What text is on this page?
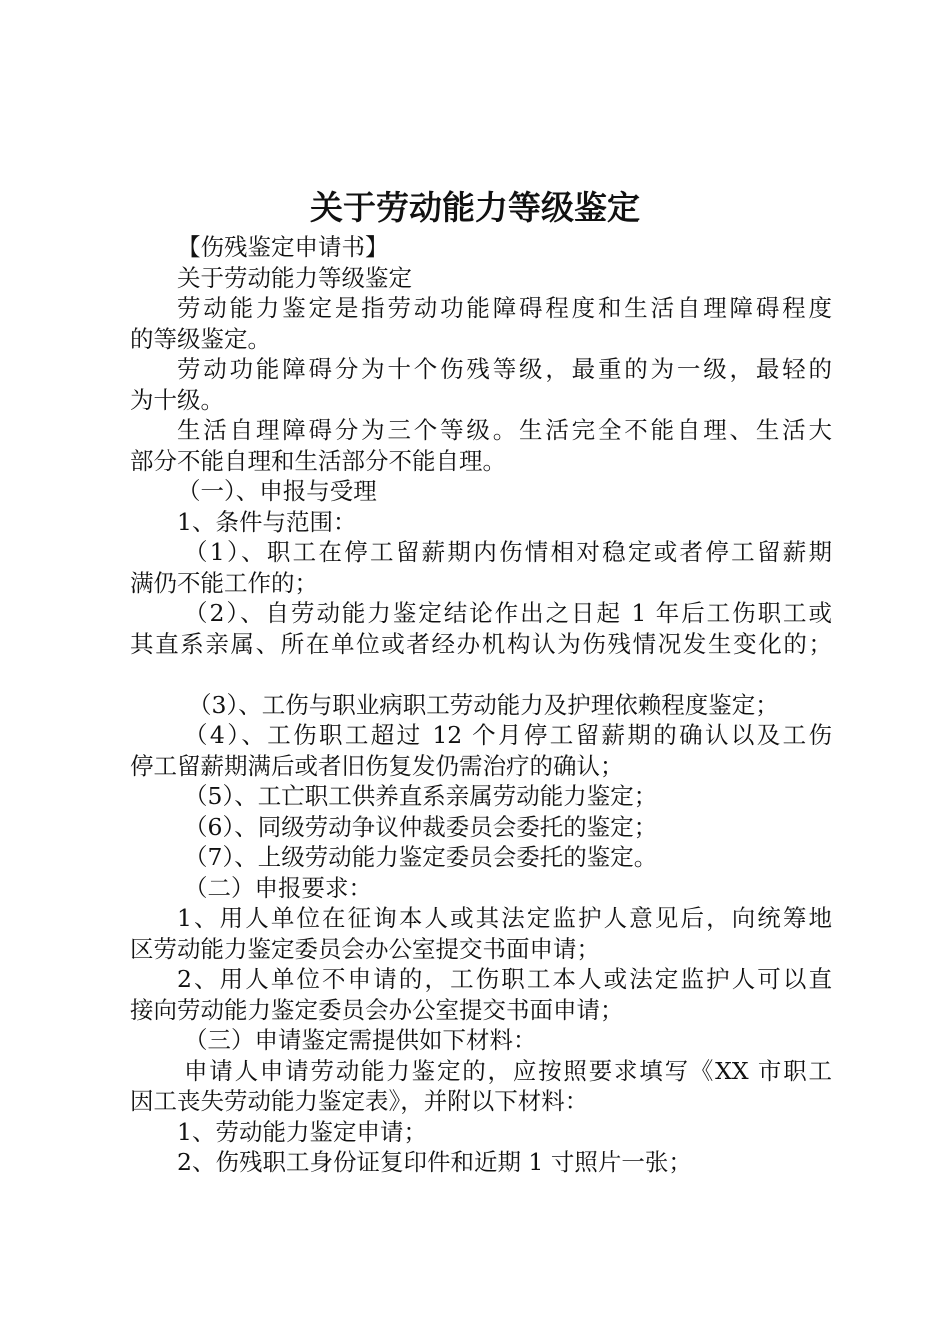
关于劳动能力等级鉴定

【伤残鉴定申请书】

关于劳动能力等级鉴定

劳动能力鉴定是指劳动功能障碍程度和生活自理障碍程度

的等级鉴定。

劳动功能障碍分为十个伤残等级，最重的为一级，最轻的

为十级。

生活自理障碍分为三个等级。生活完全不能自理、生活大

部分不能自理和生活部分不能自理。

（一）、申报与受理

1、条件与范围：

（1）、职工在停工留薪期内伤情相对稳定或者停工留薪期

满仍不能工作的；

（2）、自劳动能力鉴定结论作出之日起 1 年后工伤职工或

其直系亲属、所在单位或者经办机构认为伤残情况发生变化的；

（3）、工伤与职业病职工劳动能力及护理依赖程度鉴定；

（4）、工伤职工超过 12 个月停工留薪期的确认以及工伤

停工留薪期满后或者旧伤复发仍需治疗的确认；

（5）、工亡职工供养直系亲属劳动能力鉴定；

（6）、同级劳动争议仲裁委员会委托的鉴定；

（7）、上级劳动能力鉴定委员会委托的鉴定。

（二）申报要求：

1、用人单位在征询本人或其法定监护人意见后，向统筹地

区劳动能力鉴定委员会办公室提交书面申请；

2、用人单位不申请的，工伤职工本人或法定监护人可以直

接向劳动能力鉴定委员会办公室提交书面申请；

（三）申请鉴定需提供如下材料：

申请人申请劳动能力鉴定的，应按照要求填写《XX 市职工

因工丧失劳动能力鉴定表》，并附以下材料：

1、劳动能力鉴定申请；

2、伤残职工身份证复印件和近期 1 寸照片一张；
